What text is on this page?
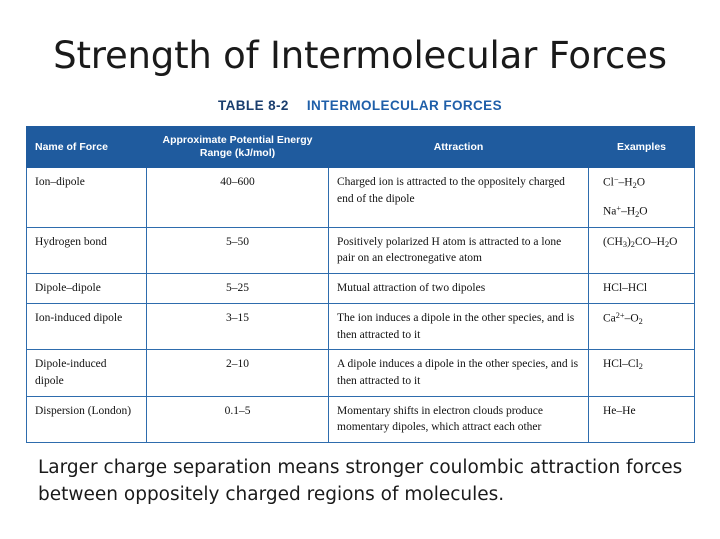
Strength of Intermolecular Forces
TABLE 8-2 INTERMOLECULAR FORCES
Name of Force	Approximate Potential Energy Range (kJ/mol)	Attraction	Examples
Ion–dipole	40–600	Charged ion is attracted to the oppositely charged end of the dipole	$Cl^--H_2O$
$Na^+-H_2O$

Hydrogen bond	5–50	Positively polarized H atom is attracted to a lone pair on an electronegative atom	$(CH_3)_2CO-H_2O$

Dipole–dipole	5–25	Mutual attraction of two dipoles	HCl–HCl

Ion-induced dipole	3–15	The ion induces a dipole in the other species, and is then attracted to it	$Ca^{2+}-O_2$

Dipole-induced dipole	2–10	A dipole induces a dipole in the other species, and is then attracted to it	HCl–$Cl_2$

Dispersion (London)	0.1–5	Momentary shifts in electron clouds produce momentary dipoles, which attract each other	He–He
Larger charge separation means stronger coulombic attraction forces between oppositely charged regions of molecules.
